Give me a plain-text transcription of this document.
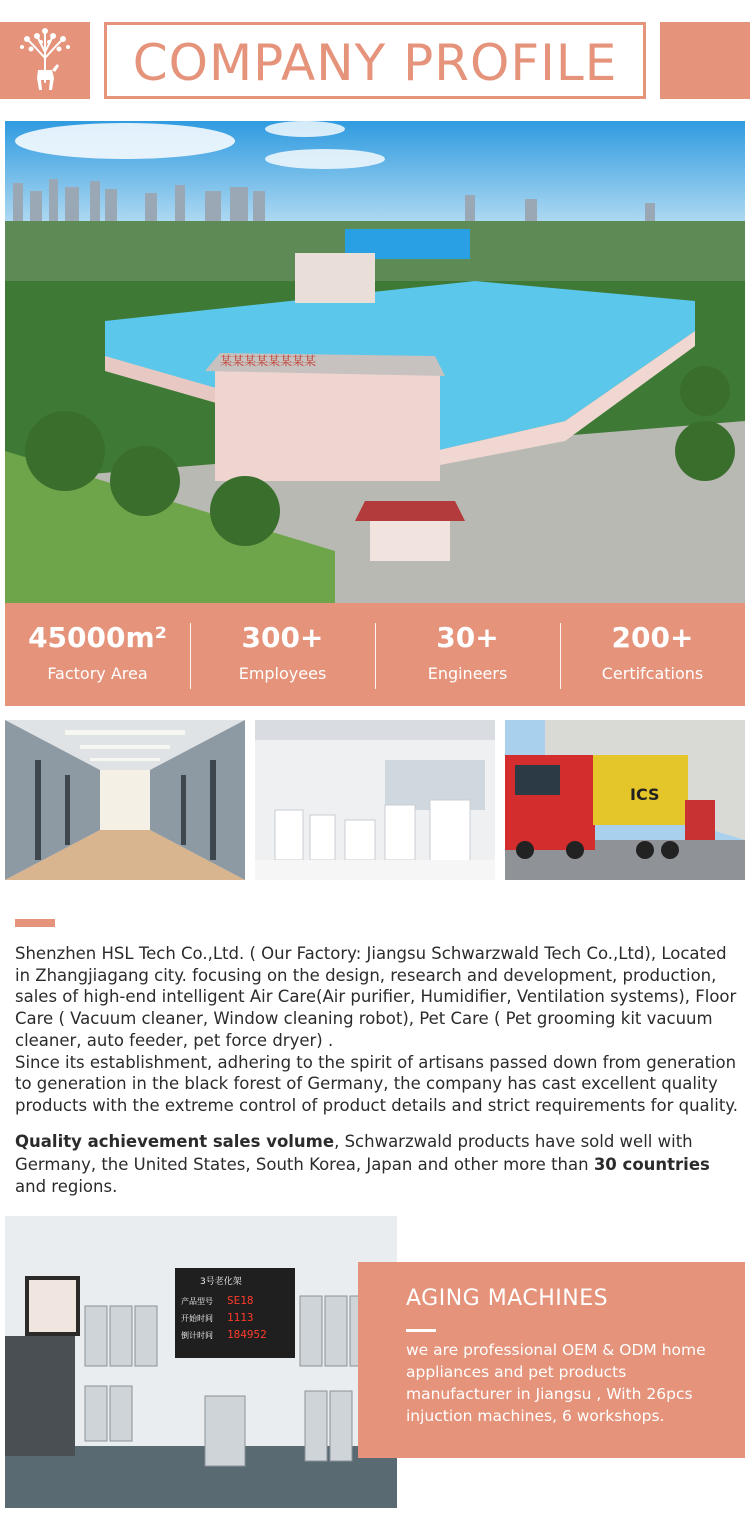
COMPANY PROFILE
某某某某某某某某
45000m²
Factory Area
300+
Employees
30+
Engineers
200+
Certifcations
ICS

Shenzhen HSL Tech Co.,Ltd. ( Our Factory: Jiangsu Schwarzwald Tech Co.,Ltd), Located in Zhangjiagang city. focusing on the design, research and development, production, sales of high-end intelligent Air Care(Air purifier, Humidifier, Ventilation systems), Floor Care ( Vacuum cleaner, Window cleaning robot), Pet Care ( Pet grooming kit vacuum cleaner, auto feeder, pet force dryer) .

Since its establishment, adhering to the spirit of artisans passed down from generation to generation in the black forest of Germany, the company has cast excellent quality products with the extreme control of product details and strict requirements for quality.

Quality achievement sales volume, Schwarzwald products have sold well with Germany, the United States, South Korea, Japan and other more than 30 countries and regions.
3号老化架
产品型号 SE18
开始时间 1113
倒计时间 184952
AGING MACHINES
we are professional OEM & ODM home appliances and pet products manufacturer in Jiangsu , With 26pcs injuction machines, 6 workshops.
